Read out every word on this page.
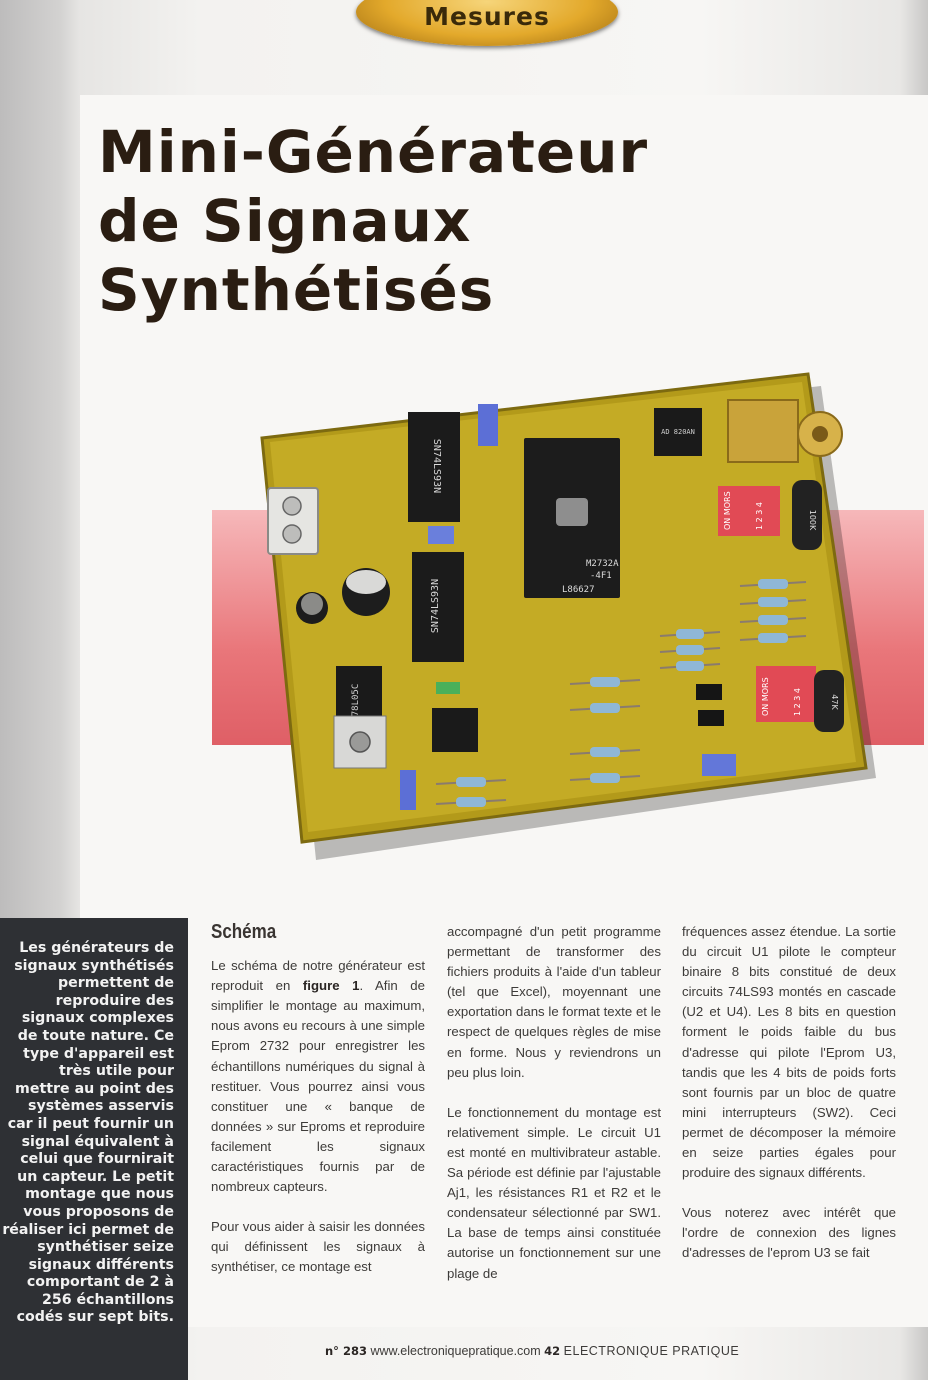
Mesures
Mini-Générateur
de Signaux
Synthétisés
78L05C
SN74LS93N
SN74LS93N
M2732A
-4F1
L86627
AD 820AN
ON MORS	1 2 3 4
ON MORS	1 2 3 4
100K
47K
Les générateurs de signaux synthétisés permettent de reproduire des signaux complexes de toute nature. Ce type d'appareil est très utile pour mettre au point des systèmes asservis car il peut fournir un signal équivalent à celui que fournirait un capteur. Le petit montage que nous vous proposons de réaliser ici permet de synthétiser seize signaux différents comportant de 2 à 256 échantillons codés sur sept bits.
Schéma

Le schéma de notre générateur est reproduit en figure 1. Afin de simplifier le montage au maximum, nous avons eu recours à une simple Eprom 2732 pour enregistrer les échantillons numériques du signal à restituer. Vous pourrez ainsi vous constituer une « banque de données » sur Eproms et reproduire facilement les signaux caractéristiques fournis par de nombreux capteurs.

Pour vous aider à saisir les données qui définissent les signaux à synthétiser, ce montage est

accompagné d'un petit programme permettant de transformer des fichiers produits à l'aide d'un tableur (tel que Excel), moyennant une exportation dans le format texte et le respect de quelques règles de mise en forme. Nous y reviendrons un peu plus loin.

Le fonctionnement du montage est relativement simple. Le circuit U1 est monté en multivibrateur astable. Sa période est définie par l'ajustable Aj1, les résistances R1 et R2 et le condensateur sélectionné par SW1. La base de temps ainsi constituée autorise un fonctionnement sur une plage de

fréquences assez étendue. La sortie du circuit U1 pilote le compteur binaire 8 bits constitué de deux circuits 74LS93 montés en cascade (U2 et U4). Les 8 bits en question forment le poids faible du bus d'adresse qui pilote l'Eprom U3, tandis que les 4 bits de poids forts sont fournis par un bloc de quatre mini interrupteurs (SW2). Ceci permet de décomposer la mémoire en seize parties égales pour produire des signaux différents.

Vous noterez avec intérêt que l'ordre de connexion des lignes d'adresses de l'eprom U3 se fait

n° 283 www.electroniquepratique.com 42 ELECTRONIQUE PRATIQUE
